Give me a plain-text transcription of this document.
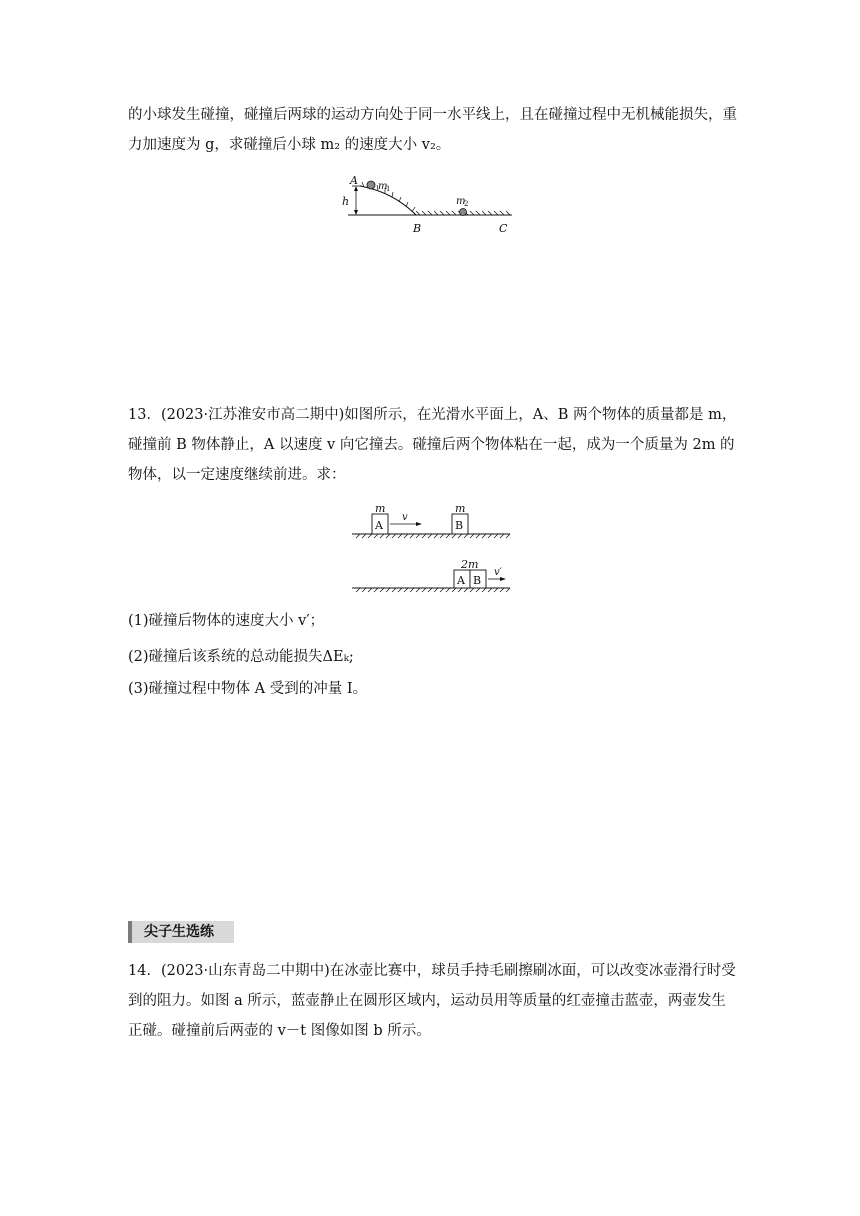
的小球发生碰撞，碰撞后两球的运动方向处于同一水平线上，且在碰撞过程中无机械能损失，重力加速度为 g，求碰撞后小球 m₂ 的速度大小 v₂。

A m
1
h	m
2
B	C

13．(2023·江苏淮安市高二期中)如图所示，在光滑水平面上，A、B 两个物体的质量都是 m，碰撞前 B 物体静止，A 以速度 v 向它撞去。碰撞后两个物体粘在一起，成为一个质量为 2m 的物体，以一定速度继续前进。求：

m
A
v
m
B
2m
A B
v′

(1)碰撞后物体的速度大小 v′；

(2)碰撞后该系统的总动能损失ΔEₖ;

(3)碰撞过程中物体 A 受到的冲量 I。

尖子生选练

14．(2023·山东青岛二中期中)在冰壶比赛中，球员手持毛刷擦刷冰面，可以改变冰壶滑行时受到的阻力。如图 a 所示，蓝壶静止在圆形区域内，运动员用等质量的红壶撞击蓝壶，两壶发生正碰。碰撞前后两壶的 v－t 图像如图 b 所示。
